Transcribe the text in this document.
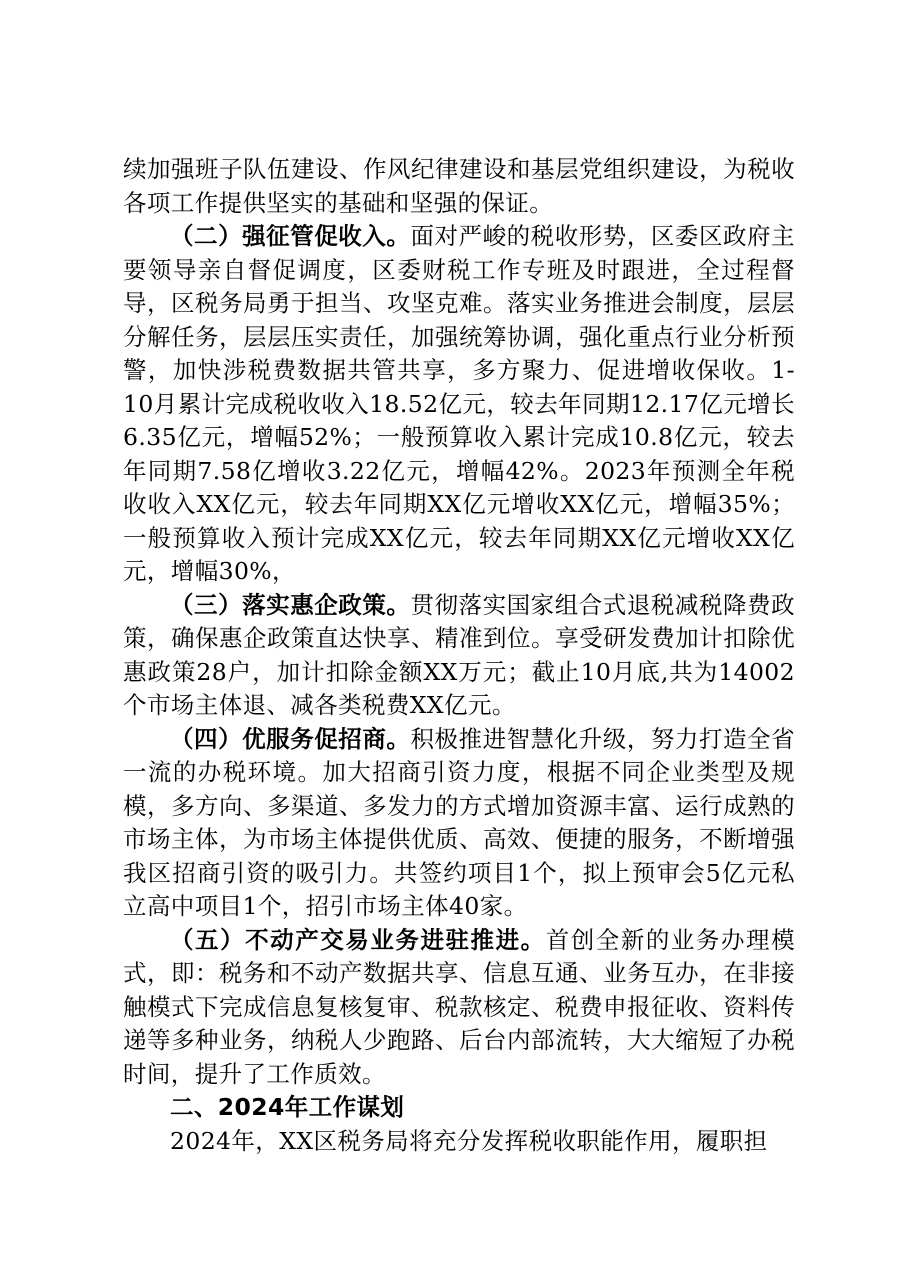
续加强班子队伍建设、作风纪律建设和基层党组织建设，为税收各项工作提供坚实的基础和坚强的保证。

（二）强征管促收入。面对严峻的税收形势，区委区政府主要领导亲自督促调度，区委财税工作专班及时跟进，全过程督导，区税务局勇于担当、攻坚克难。落实业务推进会制度，层层分解任务，层层压实责任，加强统筹协调，强化重点行业分析预警，加快涉税费数据共管共享，多方聚力、促进增收保收。1-10月累计完成税收收入18.52亿元，较去年同期12.17亿元增长6.35亿元，增幅52%；一般预算收入累计完成10.8亿元，较去年同期7.58亿增收3.22亿元，增幅42%。2023年预测全年税收收入XX亿元，较去年同期XX亿元增收XX亿元，增幅35%；一般预算收入预计完成XX亿元，较去年同期XX亿元增收XX亿元，增幅30%，

（三）落实惠企政策。贯彻落实国家组合式退税减税降费政策，确保惠企政策直达快享、精准到位。享受研发费加计扣除优惠政策28户，加计扣除金额XX万元；截止10月底,共为14002个市场主体退、减各类税费XX亿元。

（四）优服务促招商。积极推进智慧化升级，努力打造全省一流的办税环境。加大招商引资力度，根据不同企业类型及规模，多方向、多渠道、多发力的方式增加资源丰富、运行成熟的市场主体，为市场主体提供优质、高效、便捷的服务，不断增强我区招商引资的吸引力。共签约项目1个，拟上预审会5亿元私立高中项目1个，招引市场主体40家。

（五）不动产交易业务进驻推进。首创全新的业务办理模式，即：税务和不动产数据共享、信息互通、业务互办，在非接触模式下完成信息复核复审、税款核定、税费申报征收、资料传递等多种业务，纳税人少跑路、后台内部流转，大大缩短了办税时间，提升了工作质效。

二、2024年工作谋划

2024年，XX区税务局将充分发挥税收职能作用，履职担
